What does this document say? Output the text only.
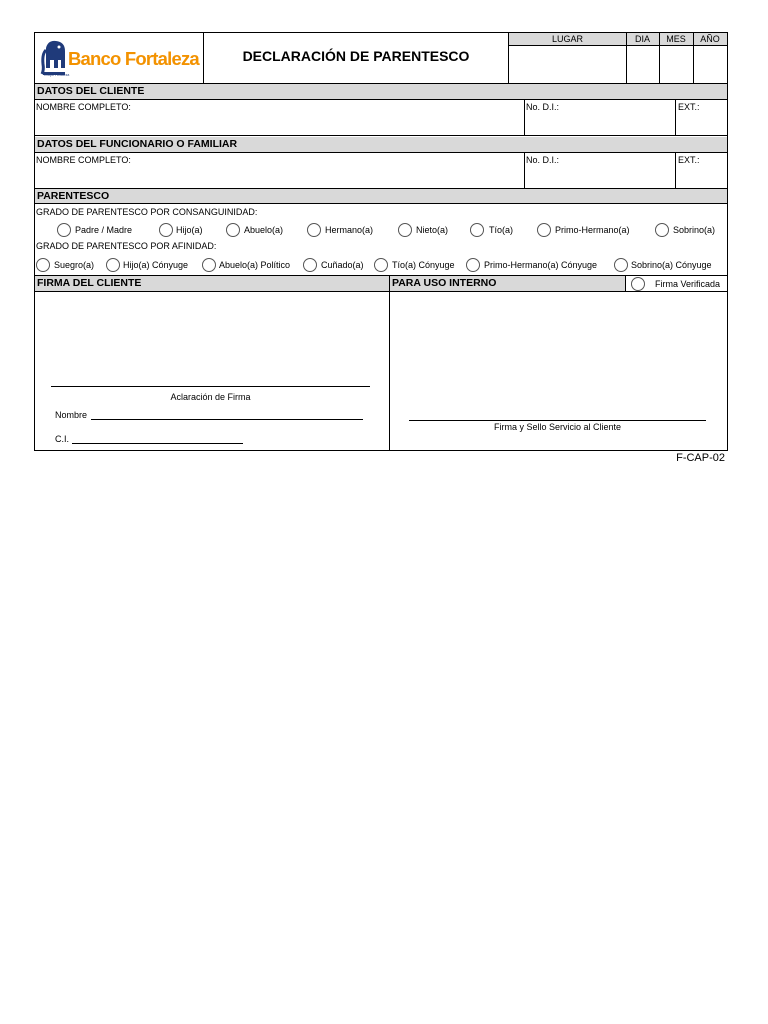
Banco Fortaleza
Grupo Fortaleza
DECLARACIÓN DE PARENTESCO
LUGAR	DIA	MES	AÑO
DATOS DEL CLIENTE
NOMBRE COMPLETO:	No. D.I.:	EXT.:
DATOS DEL FUNCIONARIO O FAMILIAR
NOMBRE COMPLETO:	No. D.I.:	EXT.:
PARENTESCO
GRADO DE PARENTESCO POR CONSANGUINIDAD:
Padre / Madre	Hijo(a)	Abuelo(a)	Hermano(a)	Nieto(a)	Tío(a)	Primo-Hermano(a)	Sobrino(a)
GRADO DE PARENTESCO POR AFINIDAD:
Suegro(a)	Hijo(a) Cónyuge	Abuelo(a) Político	Cuñado(a)	Tío(a) Cónyuge	Primo-Hermano(a) Cónyuge	Sobrino(a) Cónyuge
FIRMA DEL CLIENTE	PARA USO INTERNO	Firma Verificada
Aclaración de Firma
Nombre
C.I.
Firma y Sello Servicio al Cliente
F-CAP-02
